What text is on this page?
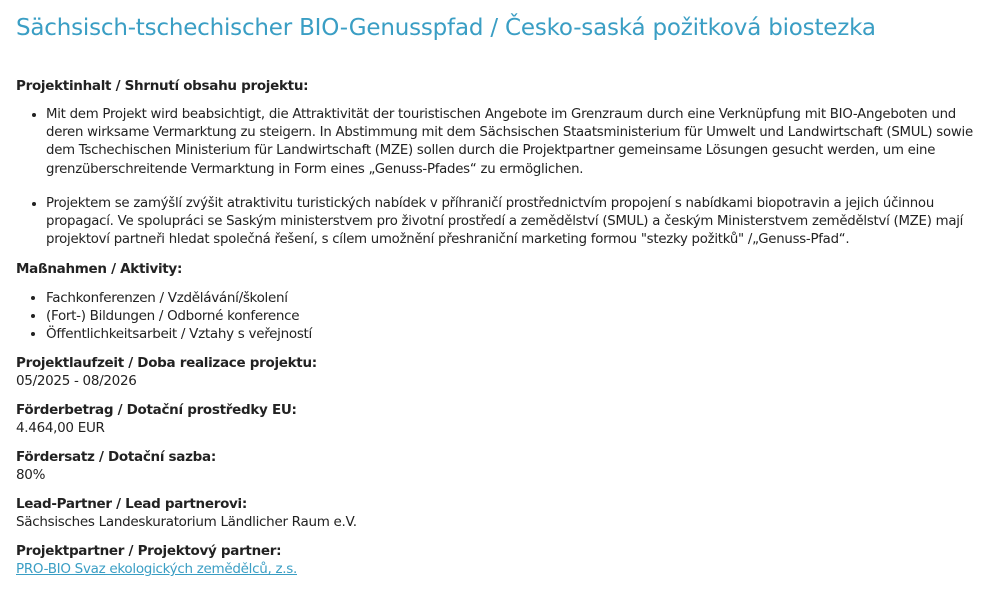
Sächsisch-tschechischer BIO-Genusspfad / Česko-saská požitková biostezka
Projektinhalt / Shrnutí obsahu projektu:
• Mit dem Projekt wird beabsichtigt, die Attraktivität der touristischen Angebote im Grenzraum durch eine Verknüpfung mit BIO-Angeboten und deren wirksame Vermarktung zu steigern. In Abstimmung mit dem Sächsischen Staatsministerium für Umwelt und Landwirtschaft (SMUL) sowie dem Tschechischen Ministerium für Landwirtschaft (MZE) sollen durch die Projektpartner gemeinsame Lösungen gesucht werden, um eine grenzüberschreitende Vermarktung in Form eines „Genuss-Pfades“ zu ermöglichen.
• Projektem se zamýšlí zvýšit atraktivitu turistických nabídek v příhraničí prostřednictvím propojení s nabídkami biopotravin a jejich účinnou propagací. Ve spolupráci se Saským ministerstvem pro životní prostředí a zemědělství (SMUL) a českým Ministerstvem zemědělství (MZE) mají projektoví partneři hledat společná řešení, s cílem umožnění přeshraniční marketing formou "stezky požitků" /„Genuss-Pfad“.
Maßnahmen / Aktivity:
• Fachkonferenzen / Vzdělávání/školení
• (Fort-) Bildungen / Odborné konference
• Öffentlichkeitsarbeit / Vztahy s veřejností
Projektlaufzeit / Doba realizace projektu:
05/2025 - 08/2026
Förderbetrag / Dotační prostředky EU:
4.464,00 EUR
Fördersatz / Dotační sazba:
80%
Lead-Partner / Lead partnerovi:
Sächsisches Landeskuratorium Ländlicher Raum e.V.
Projektpartner / Projektový partner:
PRO-BIO Svaz ekologických zemědělců, z.s.
